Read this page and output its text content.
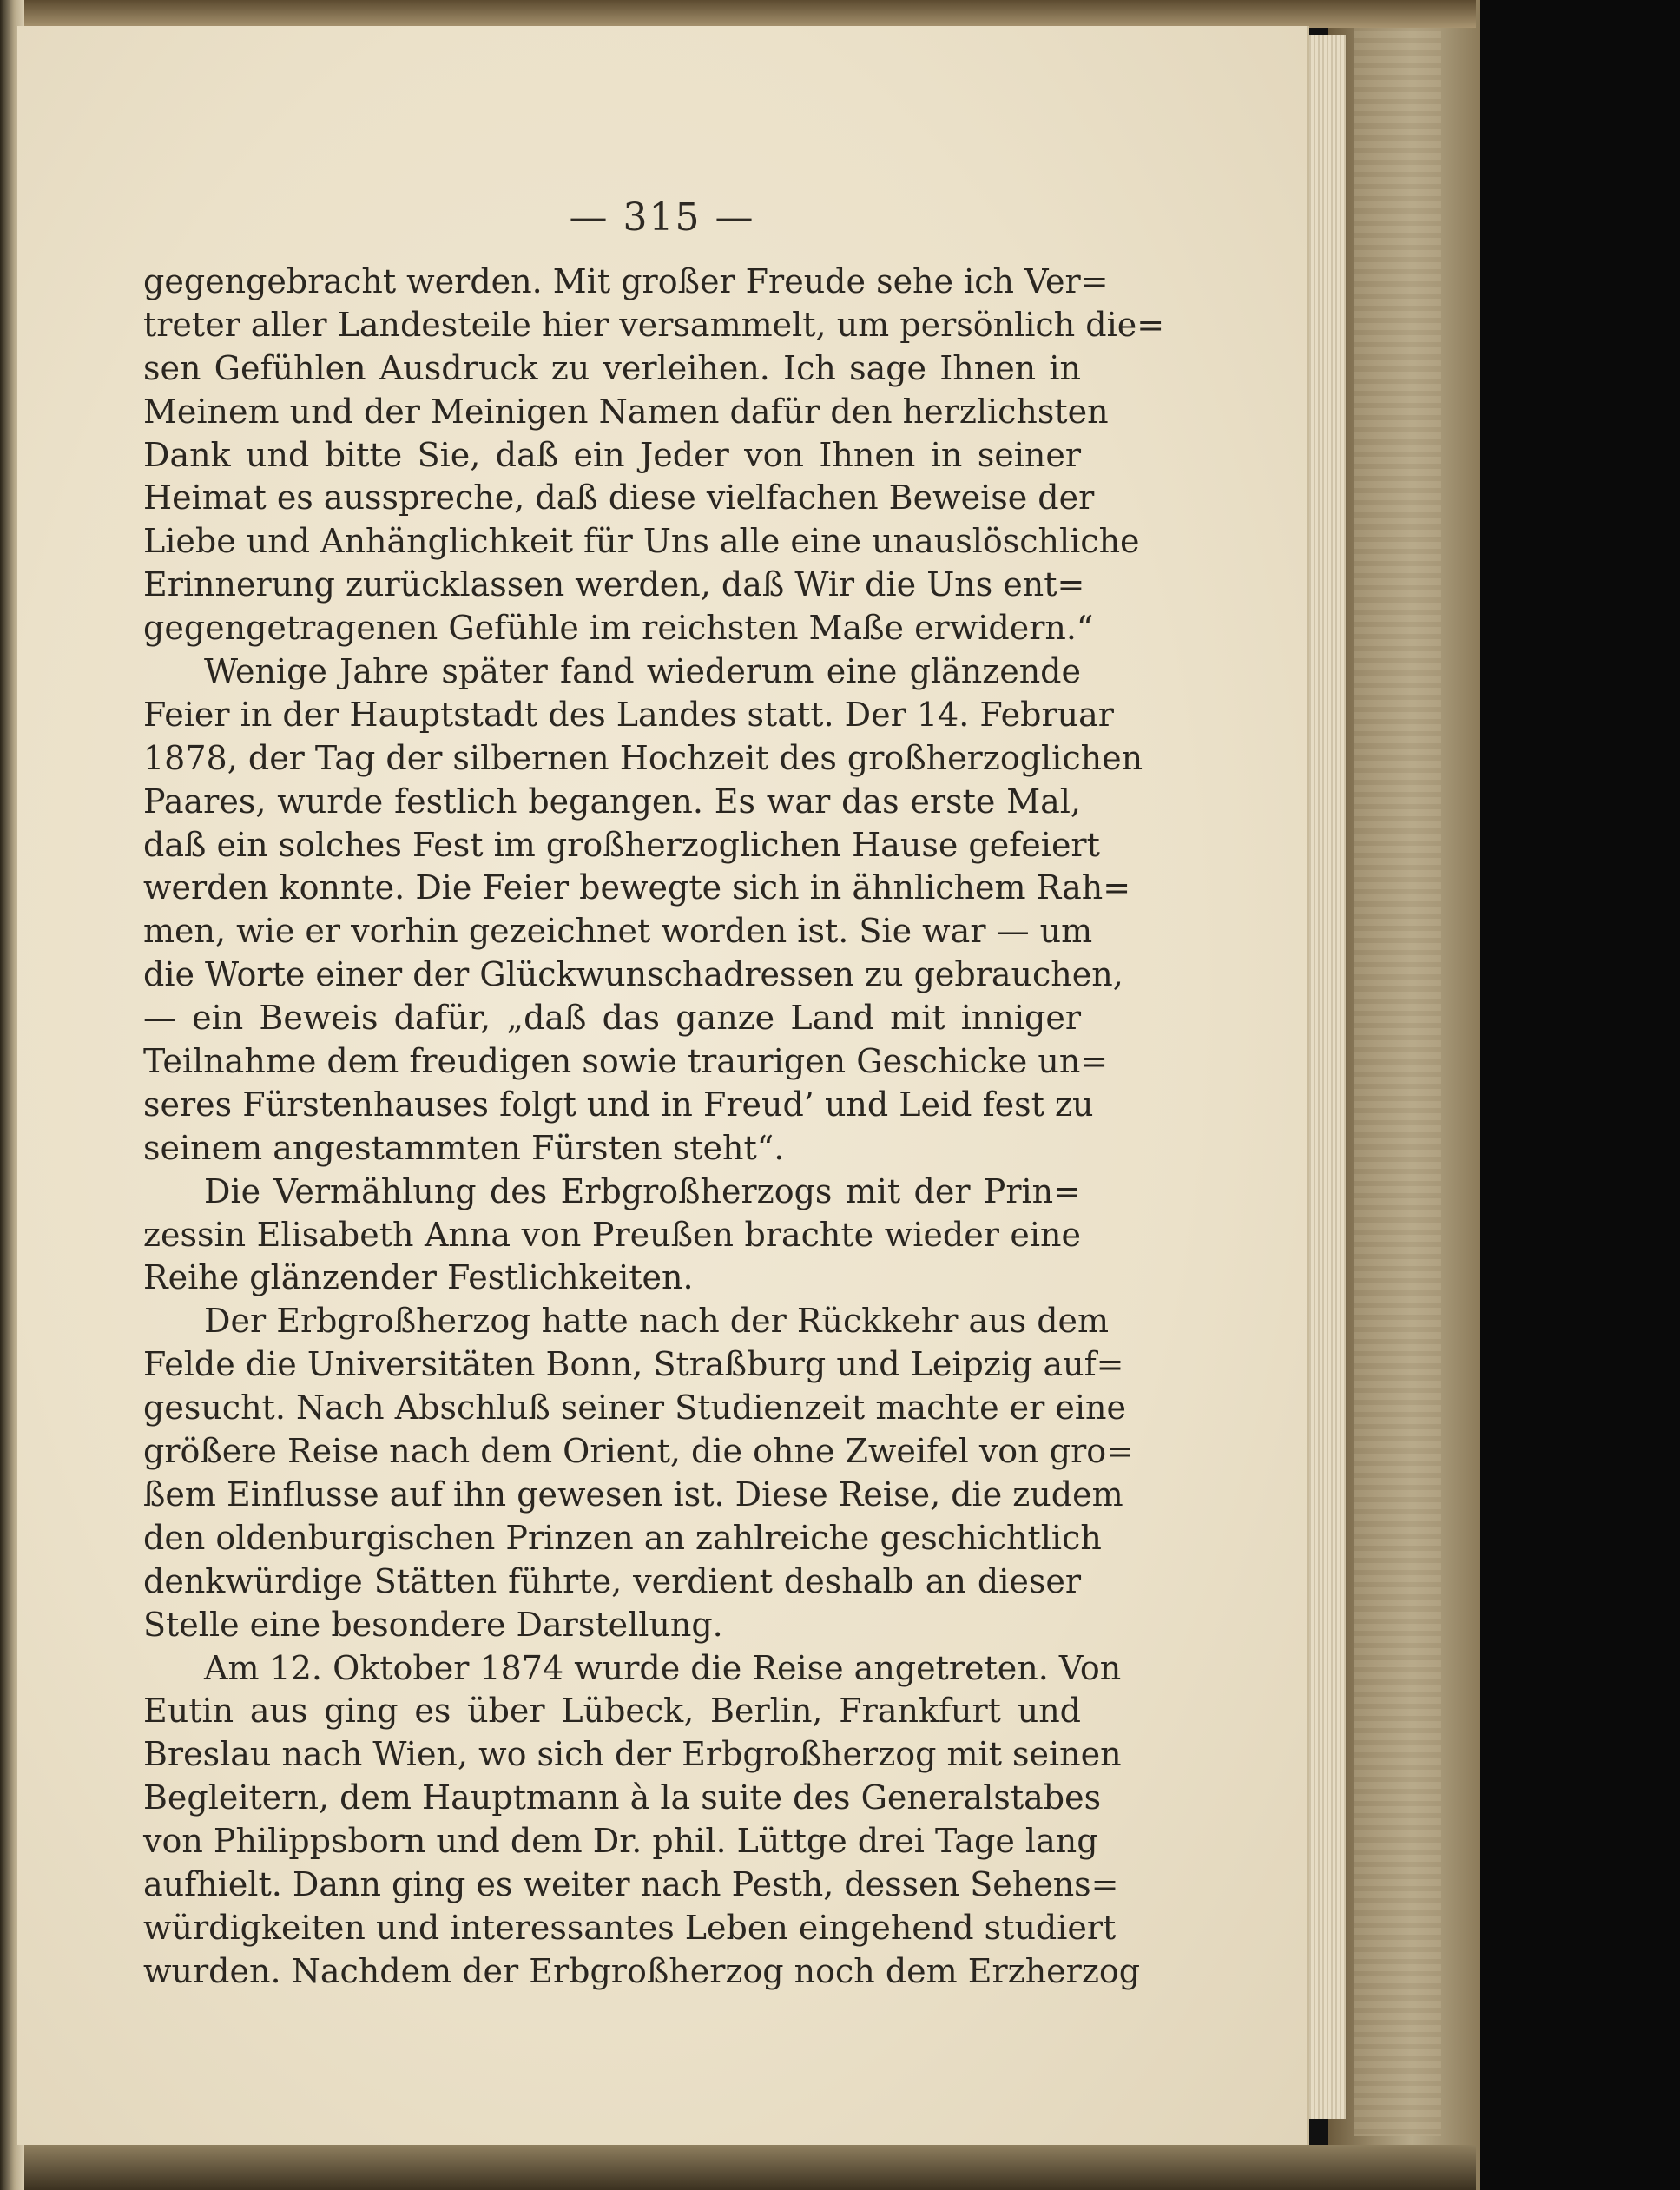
— 315 —
gegengebracht werden. Mit großer Freude sehe ich Ver=
treter aller Landesteile hier versammelt, um persönlich die=
sen Gefühlen Ausdruck zu verleihen. Ich sage Ihnen in
Meinem und der Meinigen Namen dafür den herzlichsten
Dank und bitte Sie, daß ein Jeder von Ihnen in seiner
Heimat es ausspreche, daß diese vielfachen Beweise der
Liebe und Anhänglichkeit für Uns alle eine unauslöschliche
Erinnerung zurücklassen werden, daß Wir die Uns ent=
gegengetragenen Gefühle im reichsten Maße erwidern.“
Wenige Jahre später fand wiederum eine glänzende
Feier in der Hauptstadt des Landes statt. Der 14. Februar
1878, der Tag der silbernen Hochzeit des großherzoglichen
Paares, wurde festlich begangen. Es war das erste Mal,
daß ein solches Fest im großherzoglichen Hause gefeiert
werden konnte. Die Feier bewegte sich in ähnlichem Rah=
men, wie er vorhin gezeichnet worden ist. Sie war — um
die Worte einer der Glückwunschadressen zu gebrauchen,
— ein Beweis dafür, „daß das ganze Land mit inniger
Teilnahme dem freudigen sowie traurigen Geschicke un=
seres Fürstenhauses folgt und in Freud’ und Leid fest zu
seinem angestammten Fürsten steht“.
Die Vermählung des Erbgroßherzogs mit der Prin=
zessin Elisabeth Anna von Preußen brachte wieder eine
Reihe glänzender Festlichkeiten.
Der Erbgroßherzog hatte nach der Rückkehr aus dem
Felde die Universitäten Bonn, Straßburg und Leipzig auf=
gesucht. Nach Abschluß seiner Studienzeit machte er eine
größere Reise nach dem Orient, die ohne Zweifel von gro=
ßem Einflusse auf ihn gewesen ist. Diese Reise, die zudem
den oldenburgischen Prinzen an zahlreiche geschichtlich
denkwürdige Stätten führte, verdient deshalb an dieser
Stelle eine besondere Darstellung.
Am 12. Oktober 1874 wurde die Reise angetreten. Von
Eutin aus ging es über Lübeck, Berlin, Frankfurt und
Breslau nach Wien, wo sich der Erbgroßherzog mit seinen
Begleitern, dem Hauptmann à la suite des Generalstabes
von Philippsborn und dem Dr. phil. Lüttge drei Tage lang
aufhielt. Dann ging es weiter nach Pesth, dessen Sehens=
würdigkeiten und interessantes Leben eingehend studiert
wurden. Nachdem der Erbgroßherzog noch dem Erzherzog
